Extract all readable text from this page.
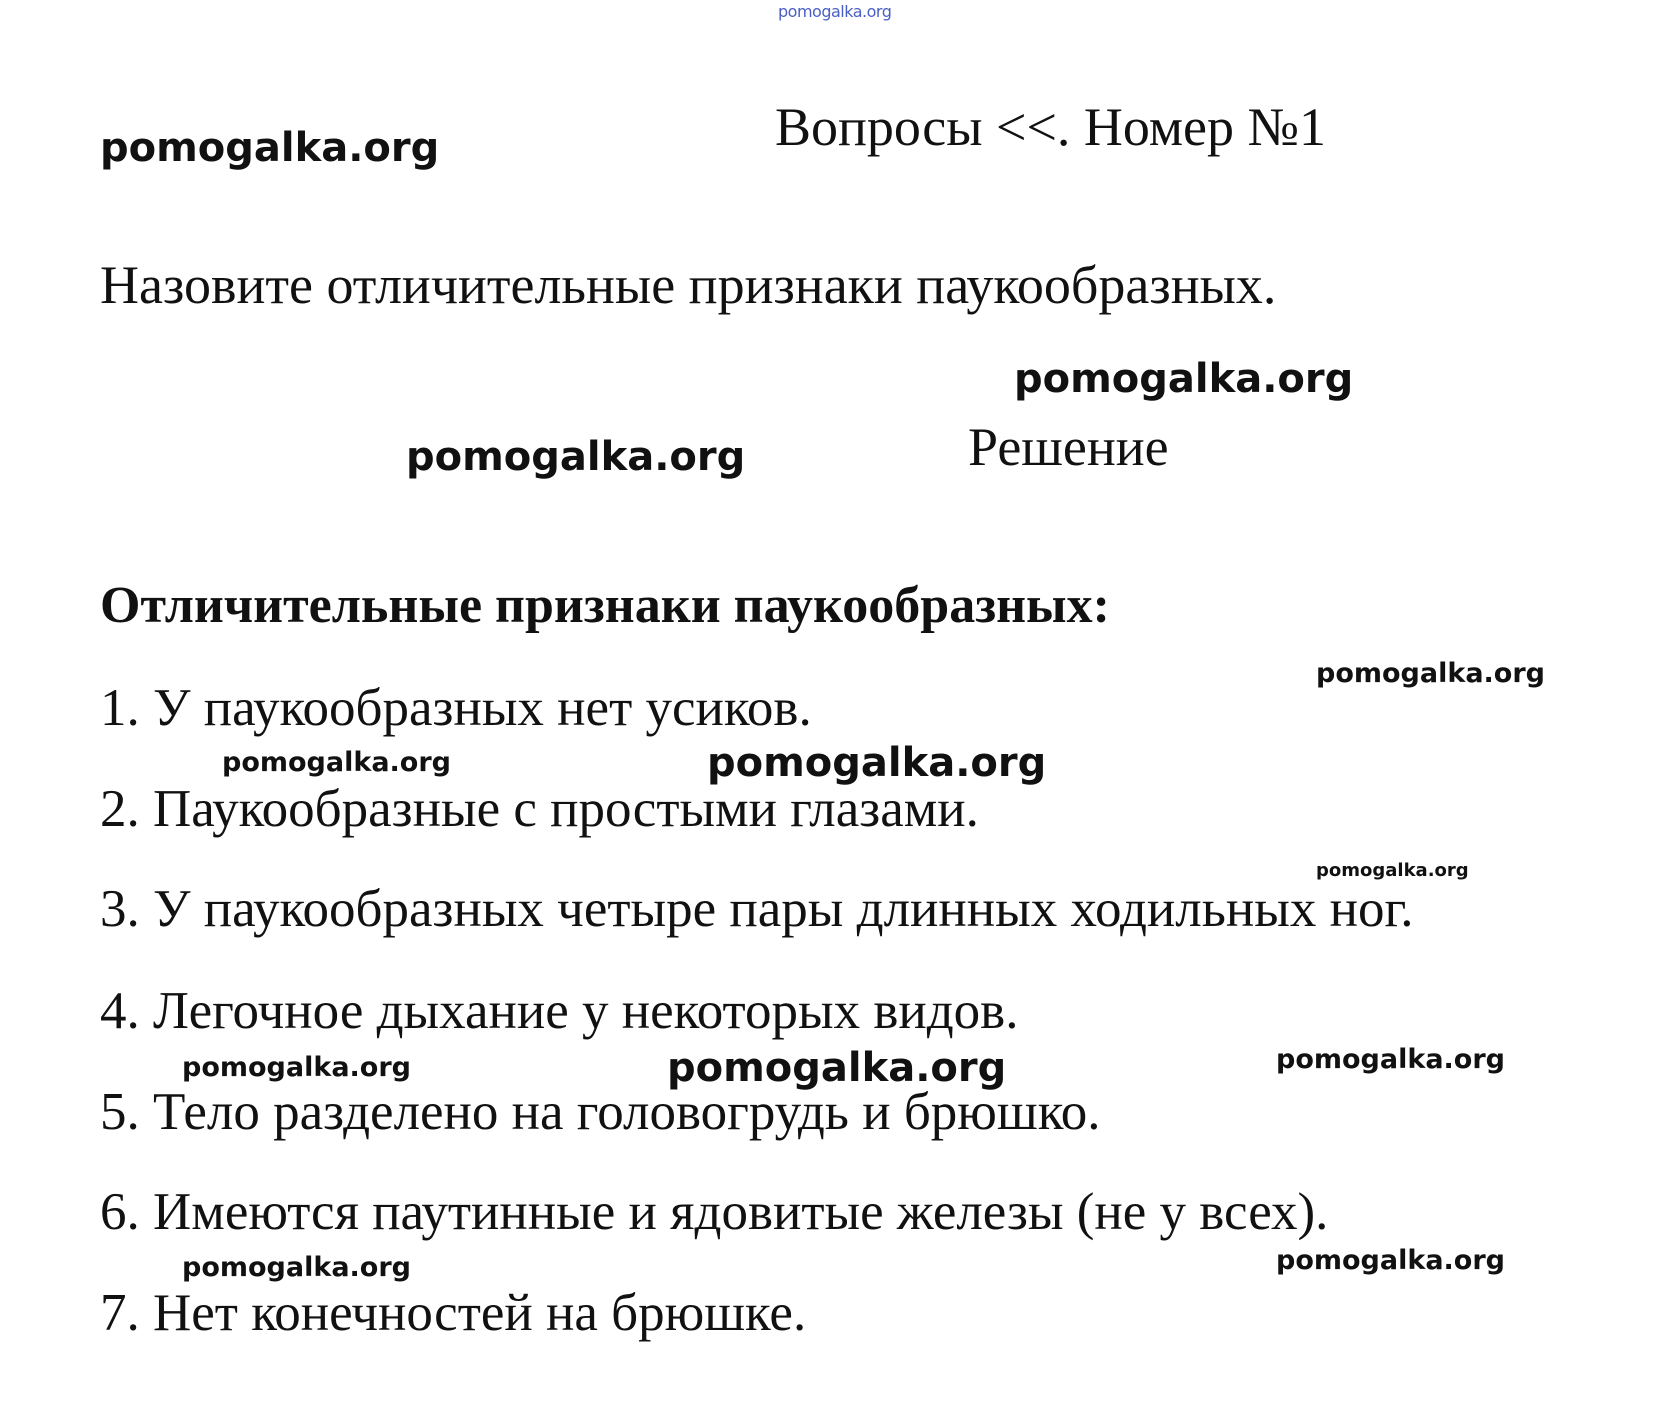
pomogalka.org
Вопросы <<. Номер №1
Назовите отличительные признаки паукообразных.
Решение
Отличительные признаки паукообразных:
1. У паукообразных нет усиков.
2. Паукообразные с простыми глазами.
3. У паукообразных четыре пары длинных ходильных ног.
4. Легочное дыхание у некоторых видов.
5. Тело разделено на головогрудь и брюшко.
6. Имеются паутинные и ядовитые железы (не у всех).
7. Нет конечностей на брюшке.
pomogalka.org
pomogalka.org
pomogalka.org
pomogalka.org
pomogalka.org	pomogalka.org
pomogalka.org
pomogalka.org	pomogalka.org	pomogalka.org
pomogalka.org	pomogalka.org
